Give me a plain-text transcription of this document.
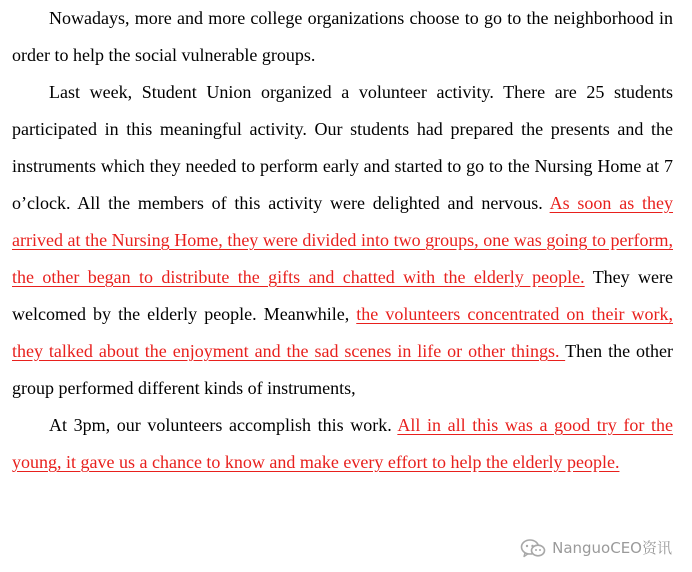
Nowadays, more and more college organizations choose to go to the neighborhood in order to help the social vulnerable groups.

Last week, Student Union organized a volunteer activity. There are 25 students participated in this meaningful activity. Our students had prepared the presents and the instruments which they needed to perform early and started to go to the Nursing Home at 7 o’clock. All the members of this activity were delighted and nervous. As soon as they arrived at the Nursing Home, they were divided into two groups, one was going to perform, the other began to distribute the gifts and chatted with the elderly people. They were welcomed by the elderly people. Meanwhile, the volunteers concentrated on their work, they talked about the enjoyment and the sad scenes in life or other things. Then the other group performed different kinds of instruments,

At 3pm, our volunteers accomplish this work. All in all this was a good try for the young, it gave us a chance to know and make every effort to help the elderly people.

NanguoCEO资讯
